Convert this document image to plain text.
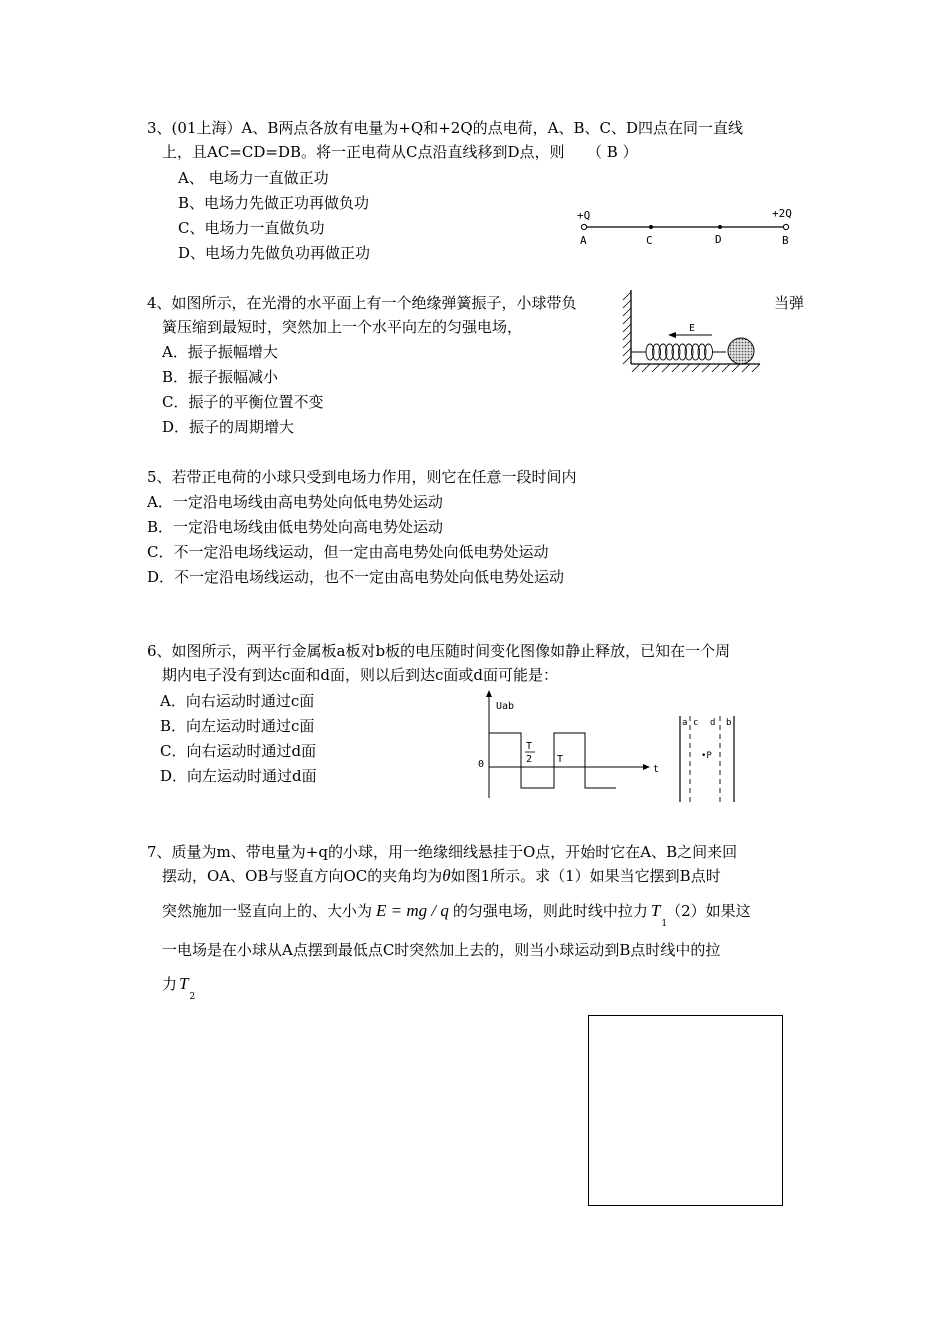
3、(01上海）A、B两点各放有电量为+Q和+2Q的点电荷，A、B、C、D四点在同一直线
上，且AC=CD=DB。将一正电荷从C点沿直线移到D点，则　　（ B ）
A、 电场力一直做正功
B、电场力先做正功再做负功
C、电场力一直做负功
D、电场力先做负功再做正功
+Q	+2Q
A	C	D	B
4、如图所示，在光滑的水平面上有一个绝缘弹簧振子，小球带负	当弹
簧压缩到最短时，突然加上一个水平向左的匀强电场，
A．振子振幅增大
B．振子振幅减小
C．振子的平衡位置不变
D．振子的周期增大
E
5、若带正电荷的小球只受到电场力作用，则它在任意一段时间内
A．一定沿电场线由高电势处向低电势处运动
B．一定沿电场线由低电势处向高电势处运动
C．不一定沿电场线运动，但一定由高电势处向低电势处运动
D．不一定沿电场线运动，也不一定由高电势处向低电势处运动
6、如图所示，两平行金属板a板对b板的电压随时间变化图像如静止释放，已知在一个周
期内电子没有到达c面和d面，则以后到达c面或d面可能是：
A．向右运动时通过c面
B．向左运动时通过c面
C．向右运动时通过d面
D．向左运动时通过d面
Uab
0	t
T
2 T
a c d b
•P
7、质量为m、带电量为+q的小球，用一绝缘细线悬挂于O点，开始时它在A、B之间来回
摆动，OA、OB与竖直方向OC的夹角均为θ如图1所示。求（1）如果当它摆到B点时
突然施加一竖直向上的、大小为 E = mg / q 的匀强电场，则此时线中拉力 $T_1(2)$如果这
一电场是在小球从A点摆到最低点C时突然加上去的，则当小球运动到B点时线中的拉
力 $T_2$
